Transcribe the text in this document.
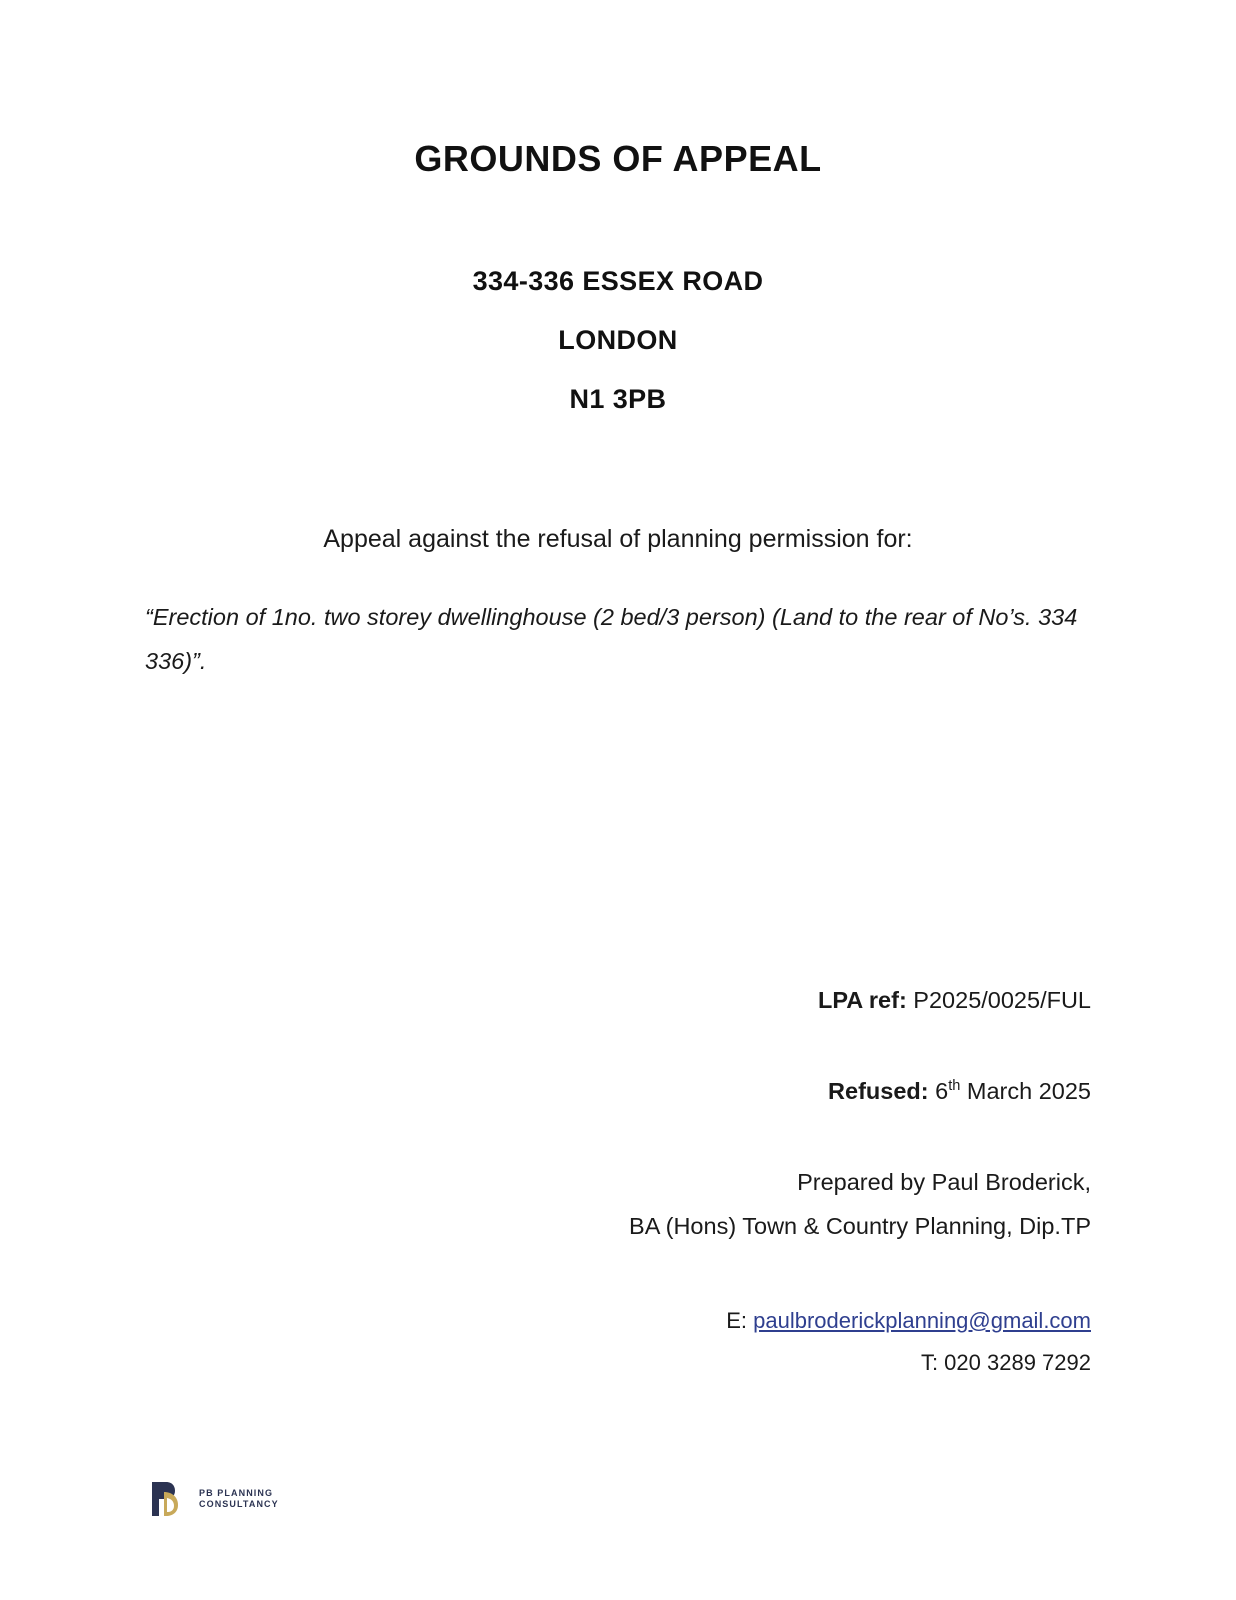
GROUNDS OF APPEAL
334-336 ESSEX ROAD
LONDON
N1 3PB
Appeal against the refusal of planning permission for:
“Erection of 1no. two storey dwellinghouse (2 bed/3 person) (Land to the rear of No’s. 334 336)”.
LPA ref: P2025/0025/FUL
Refused: 6th March 2025
Prepared by Paul Broderick,
BA (Hons) Town & Country Planning, Dip.TP
E: paulbroderickplanning@gmail.com
T: 020 3289 7292
PB PLANNING
CONSULTANCY
